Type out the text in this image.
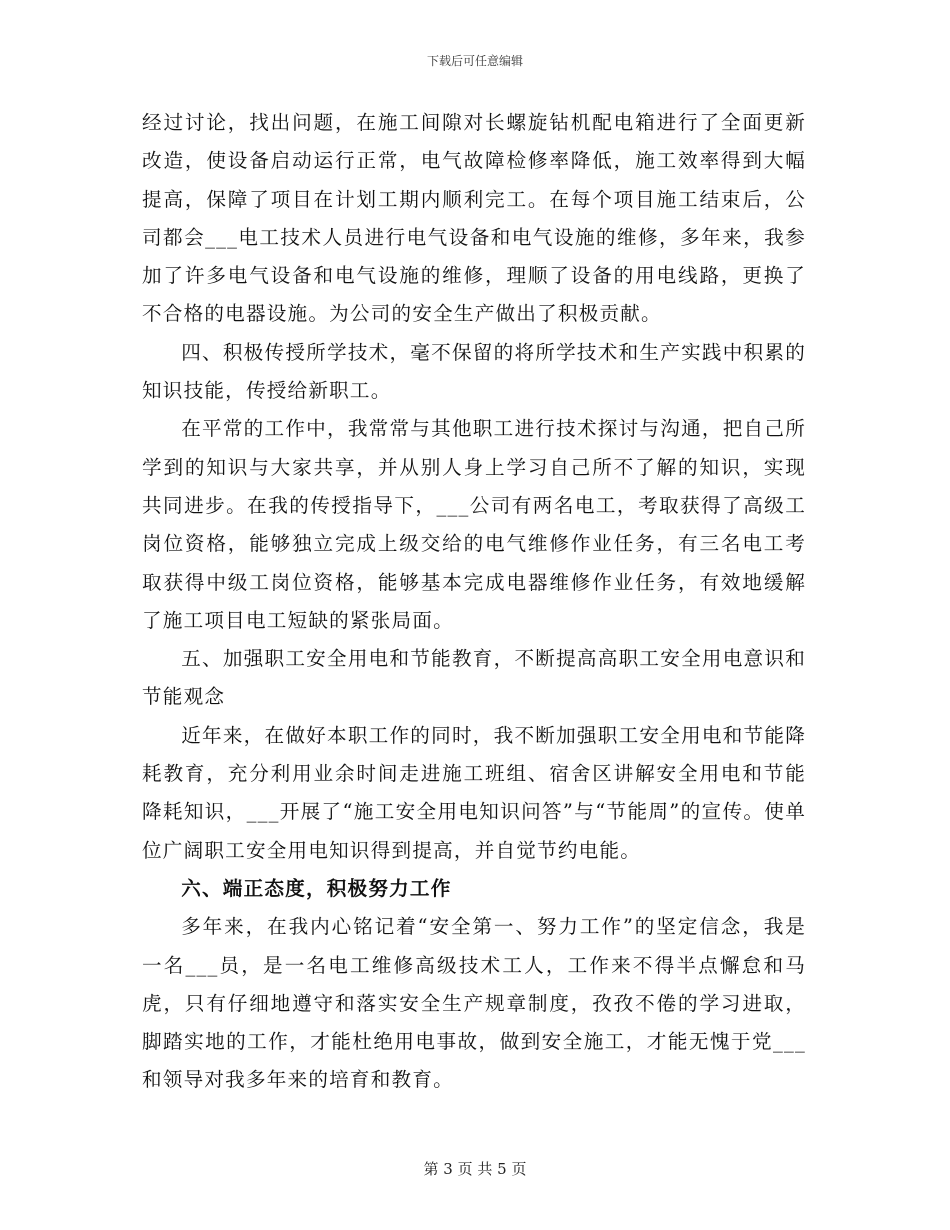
下载后可任意编辑

经过讨论，找出问题，在施工间隙对长螺旋钻机配电箱进行了全面更新改造，使设备启动运行正常，电气故障检修率降低，施工效率得到大幅提高，保障了项目在计划工期内顺利完工。在每个项目施工结束后，公司都会___电工技术人员进行电气设备和电气设施的维修，多年来，我参加了许多电气设备和电气设施的维修，理顺了设备的用电线路，更换了不合格的电器设施。为公司的安全生产做出了积极贡献。

四、积极传授所学技术，毫不保留的将所学技术和生产实践中积累的知识技能，传授给新职工。

在平常的工作中，我常常与其他职工进行技术探讨与沟通，把自己所学到的知识与大家共享，并从别人身上学习自己所不了解的知识，实现共同进步。在我的传授指导下，___公司有两名电工，考取获得了高级工岗位资格，能够独立完成上级交给的电气维修作业任务，有三名电工考取获得中级工岗位资格，能够基本完成电器维修作业任务，有效地缓解了施工项目电工短缺的紧张局面。

五、加强职工安全用电和节能教育，不断提高高职工安全用电意识和节能观念

近年来，在做好本职工作的同时，我不断加强职工安全用电和节能降耗教育，充分利用业余时间走进施工班组、宿舍区讲解安全用电和节能降耗知识，___开展了“施工安全用电知识问答”与“节能周”的宣传。使单位广阔职工安全用电知识得到提高，并自觉节约电能。

六、端正态度，积极努力工作

多年来，在我内心铭记着“安全第一、努力工作”的坚定信念，我是一名___员，是一名电工维修高级技术工人，工作来不得半点懈怠和马虎，只有仔细地遵守和落实安全生产规章制度，孜孜不倦的学习进取，脚踏实地的工作，才能杜绝用电事故，做到安全施工，才能无愧于党___和领导对我多年来的培育和教育。

第 3 页 共 5 页
